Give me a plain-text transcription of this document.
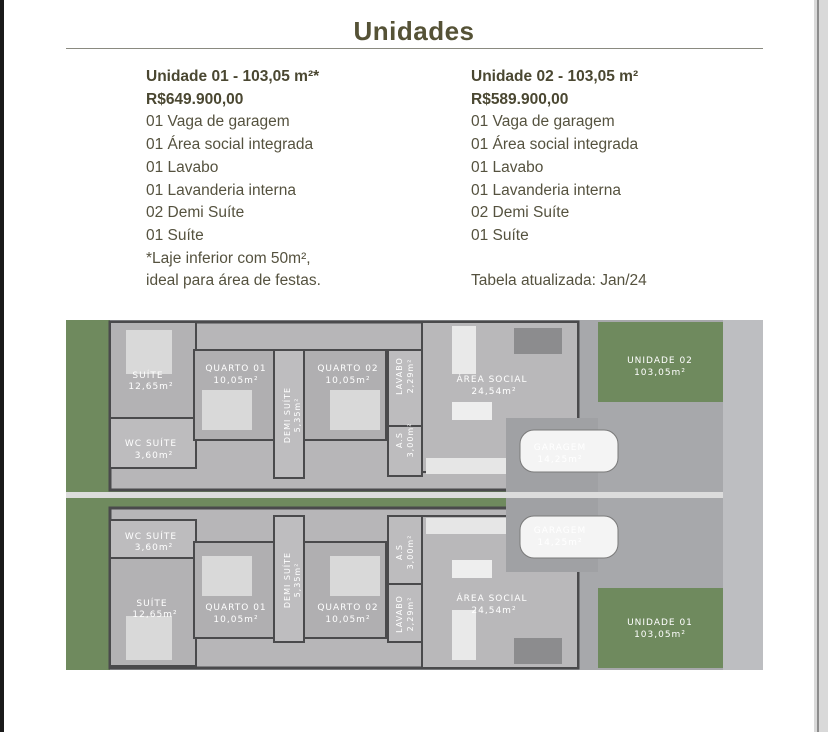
Unidades
Unidade 01 - 103,05 m²*
R$649.900,00
01 Vaga de garagem
01 Área social integrada
01 Lavabo
01 Lavanderia interna
02 Demi Suíte
01 Suíte
*Laje inferior com 50m²,
ideal para área de festas.
Unidade 02 - 103,05 m²
R$589.900,00
01 Vaga de garagem
01 Área social integrada
01 Lavabo
01 Lavanderia interna
02 Demi Suíte
01 Suíte
Tabela atualizada: Jan/24
SUÍTE
12,65m²
WC SUÍTE
3,60m²
QUARTO 01
10,05m²
QUARTO 02
10,05m²
DEMI SUÍTE 5,35m²
LAVABO 2,29m²
A.S 3,00m²
ÁREA SOCIAL
24,54m²
GARAGEM
14,25m²
UNIDADE 02
103,05m²
WC SUÍTE
3,60m²
SUÍTE
12,65m²
QUARTO 01
10,05m²
QUARTO 02
10,05m²
DEMI SUÍTE 5,35m²
A.S 3,00m²
LAVABO 2,29m²	ÁREA SOCIAL
24,54m²
GARAGEM
14,25m²
UNIDADE 01
103,05m²
